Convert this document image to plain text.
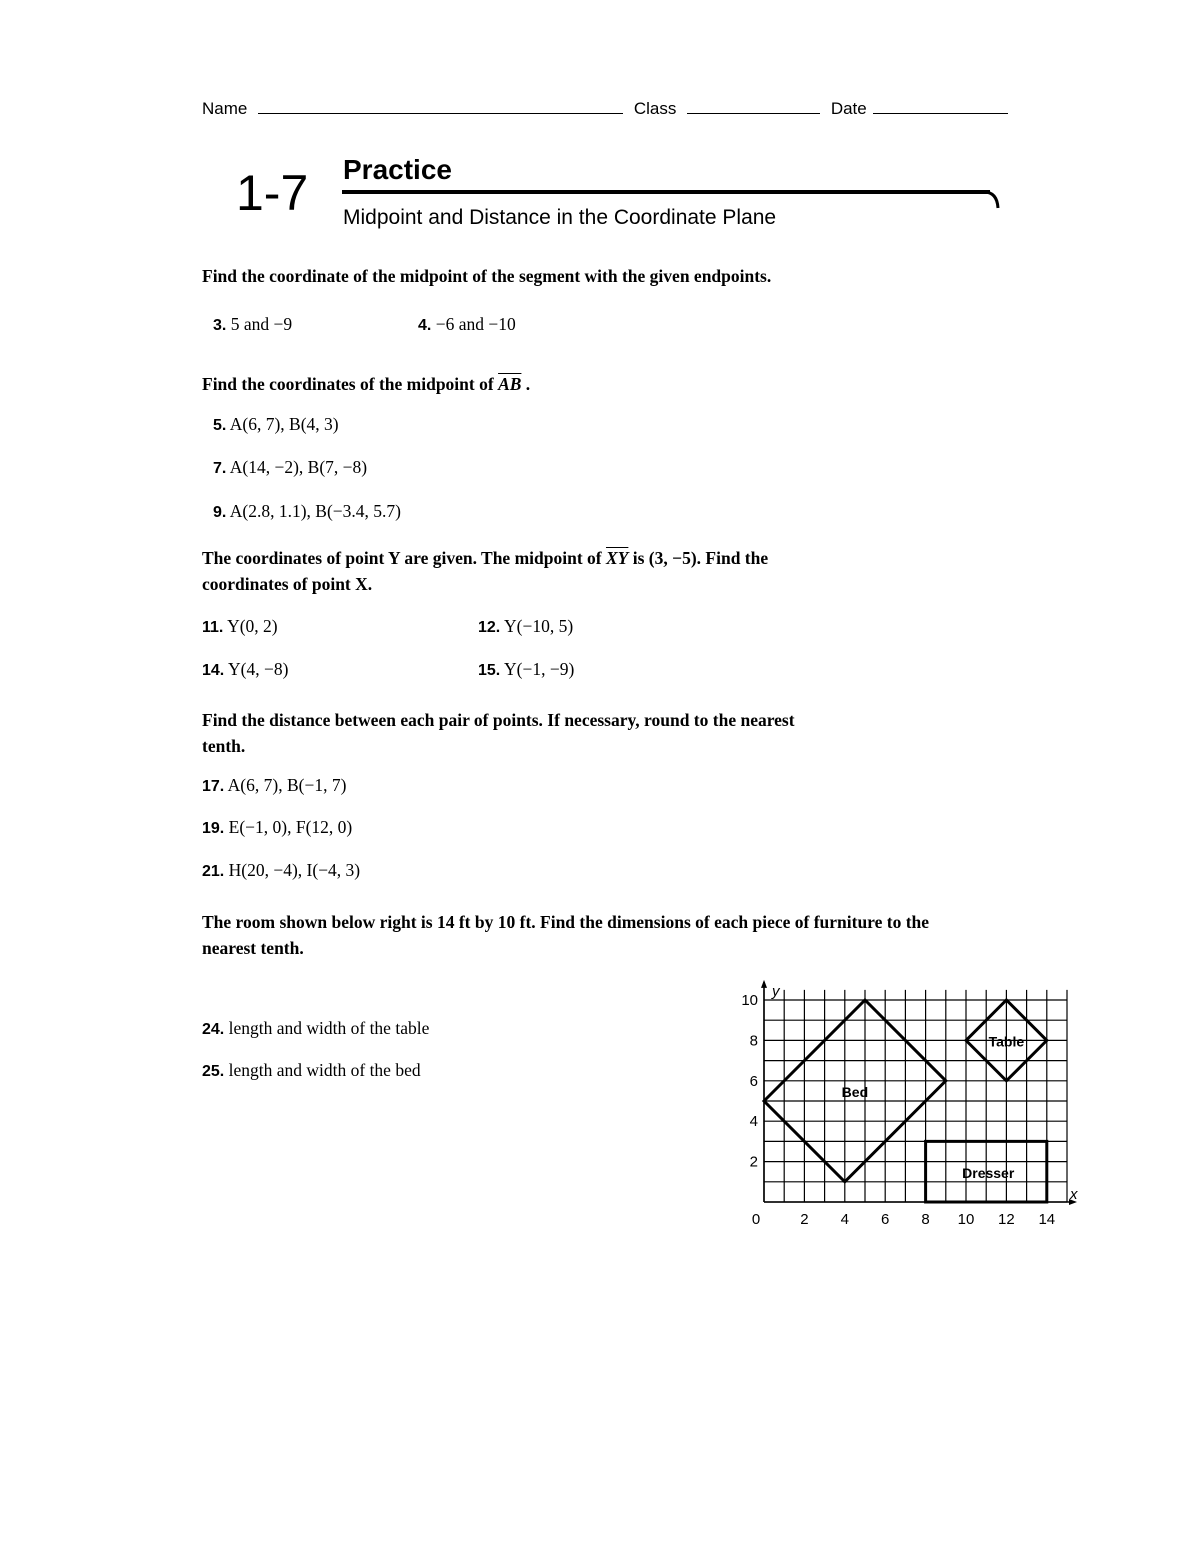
Name	Class	Date
1-7 Practice
Midpoint and Distance in the Coordinate Plane
Find the coordinate of the midpoint of the segment with the given endpoints.
3. 5 and −9	4. −6 and −10
Find the coordinates of the midpoint of $\overline{AB}$ .
5. A(6, 7), B(4, 3)
7. A(14, −2), B(7, −8)
9. A(2.8, 1.1), B(−3.4, 5.7)
The coordinates of point Y are given. The midpoint of $\overline{XY}$ is (3, −5). Find the
coordinates of point X.
11. Y(0, 2)	12. Y(−10, 5)
14. Y(4, −8)	15. Y(−1, −9)
Find the distance between each pair of points. If necessary, round to the nearest
tenth.
17. A(6, 7), B(−1, 7)
19. E(−1, 0), F(12, 0)
21. H(20, −4), I(−4, 3)
The room shown below right is 14 ft by 10 ft. Find the dimensions of each piece of furniture to the
nearest tenth.
24. length and width of the table
25. length and width of the bed
y
x
0	2 4 6 8 10 12 14
10
8
6
4
2
Bed
Table
Dresser
